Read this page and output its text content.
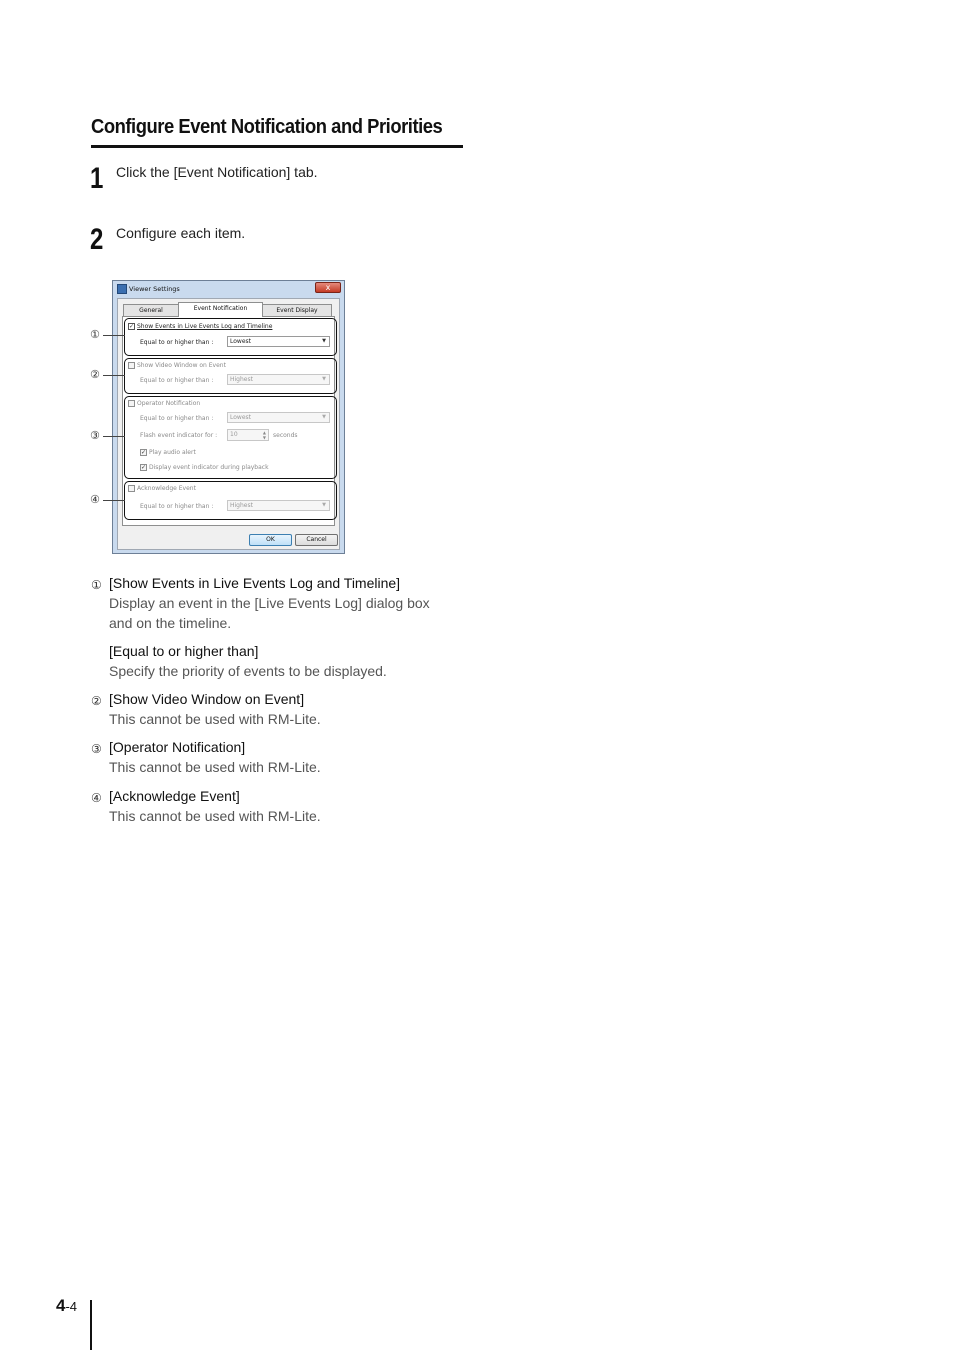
Configure Event Notification and Priorities
1 Click the [Event Notification] tab.
2 Configure each item.
Viewer Settings	x
General	Event Notification	Event Display
✓ Show Events in Live Events Log and Timeline
Equal to or higher than :	Lowest	▼
Show Video Window on Event
Equal to or higher than :	Highest	▼
Operator Notification
Equal to or higher than :	Lowest	▼
Flash event indicator for :	10	▲
▼ seconds
✓ Play audio alert
✓ Display event indicator during playback
Acknowledge Event
Equal to or higher than :	Highest	▼
OK	Cancel
①
②
③
④
① [Show Events in Live Events Log and Timeline]
Display an event in the [Live Events Log] dialog box
and on the timeline.
[Equal to or higher than]
Specify the priority of events to be displayed.
② [Show Video Window on Event]
This cannot be used with RM-Lite.
③ [Operator Notification]
This cannot be used with RM-Lite.
④ [Acknowledge Event]
This cannot be used with RM-Lite.
4-4
